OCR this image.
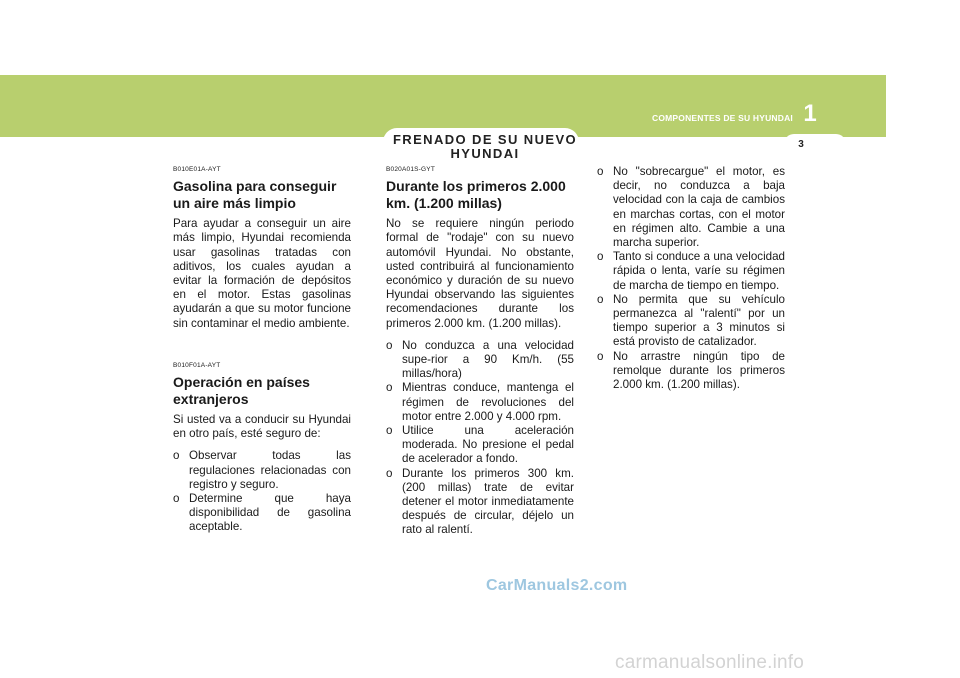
1
COMPONENTES DE SU HYUNDAI
3
FRENADO DE SU NUEVO HYUNDAI
B010E01A-AYT
Gasolina para conseguir un aire más limpio

Para ayudar a conseguir un aire más limpio, Hyundai recomienda usar gasolinas tratadas con aditivos, los cuales ayudan a evitar la formación de depósitos en el motor. Estas gasolinas ayudarán a que su motor funcione sin contaminar el medio ambiente.

B010F01A-AYT
Operación en países extranjeros

Si usted va a conducir su Hyundai en otro país, esté seguro de:

o Observar todas las regulaciones relacionadas con registro y seguro.
o Determine que haya disponibilidad de gasolina aceptable.
B020A01S-GYT
Durante los primeros 2.000 km. (1.200 millas)

No se requiere ningún periodo formal de "rodaje" con su nuevo automóvil Hyundai. No obstante, usted contribuirá al funcionamiento económico y duración de su nuevo Hyundai observando las siguientes recomendaciones durante los primeros 2.000 km. (1.200 millas).

o No conduzca a una velocidad supe-rior a 90 Km/h. (55 millas/hora)
o Mientras conduce, mantenga el régimen de revoluciones del motor entre 2.000 y 4.000 rpm.
o Utilice una aceleración moderada. No presione el pedal de acelerador a fondo.
o Durante los primeros 300 km. (200 millas) trate de evitar detener el motor inmediatamente después de circular, déjelo un rato al ralentí.
o No "sobrecargue" el motor, es decir, no conduzca a baja velocidad con la caja de cambios en marchas cortas, con el motor en régimen alto. Cambie a una marcha superior.
o Tanto si conduce a una velocidad rápida o lenta, varíe su régimen de marcha de tiempo en tiempo.
o No permita que su vehículo permanezca al "ralentí" por un tiempo superior a 3 minutos si está provisto de catalizador.
o No arrastre ningún tipo de remolque durante los primeros 2.000 km. (1.200 millas).
CarManuals2.com
carmanualsonline.info
